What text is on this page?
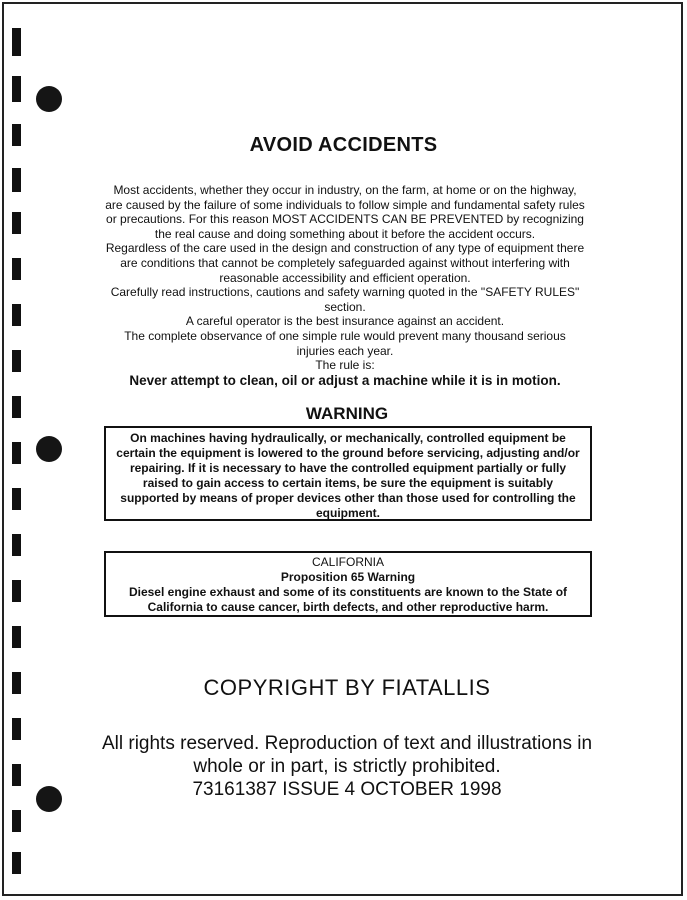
AVOID ACCIDENTS

Most accidents, whether they occur in industry, on the farm, at home or on the highway, are caused by the failure of some individuals to follow simple and fundamental safety rules or precautions. For this reason MOST ACCIDENTS CAN BE PREVENTED by recognizing the real cause and doing something about it before the accident occurs.

Regardless of the care used in the design and construction of any type of equipment there are conditions that cannot be completely safeguarded against without interfering with reasonable accessibility and efficient operation.

Carefully read instructions, cautions and safety warning quoted in the "SAFETY RULES" section.

A careful operator is the best insurance against an accident.

The complete observance of one simple rule would prevent many thousand serious injuries each year.

The rule is:

Never attempt to clean, oil or adjust a machine while it is in motion.
WARNING
On machines having hydraulically, or mechanically, controlled equipment be certain the equipment is lowered to the ground before servicing, adjusting and/or repairing. If it is necessary to have the controlled equipment partially or fully raised to gain access to certain items, be sure the equipment is suitably supported by means of proper devices other than those used for controlling the equipment.
CALIFORNIA
Proposition 65 Warning
Diesel engine exhaust and some of its constituents are known to the State of California to cause cancer, birth defects, and other reproductive harm.
COPYRIGHT BY FIATALLIS

All rights reserved. Reproduction of text and illustrations in whole or in part, is strictly prohibited.

73161387 ISSUE 4 OCTOBER 1998
